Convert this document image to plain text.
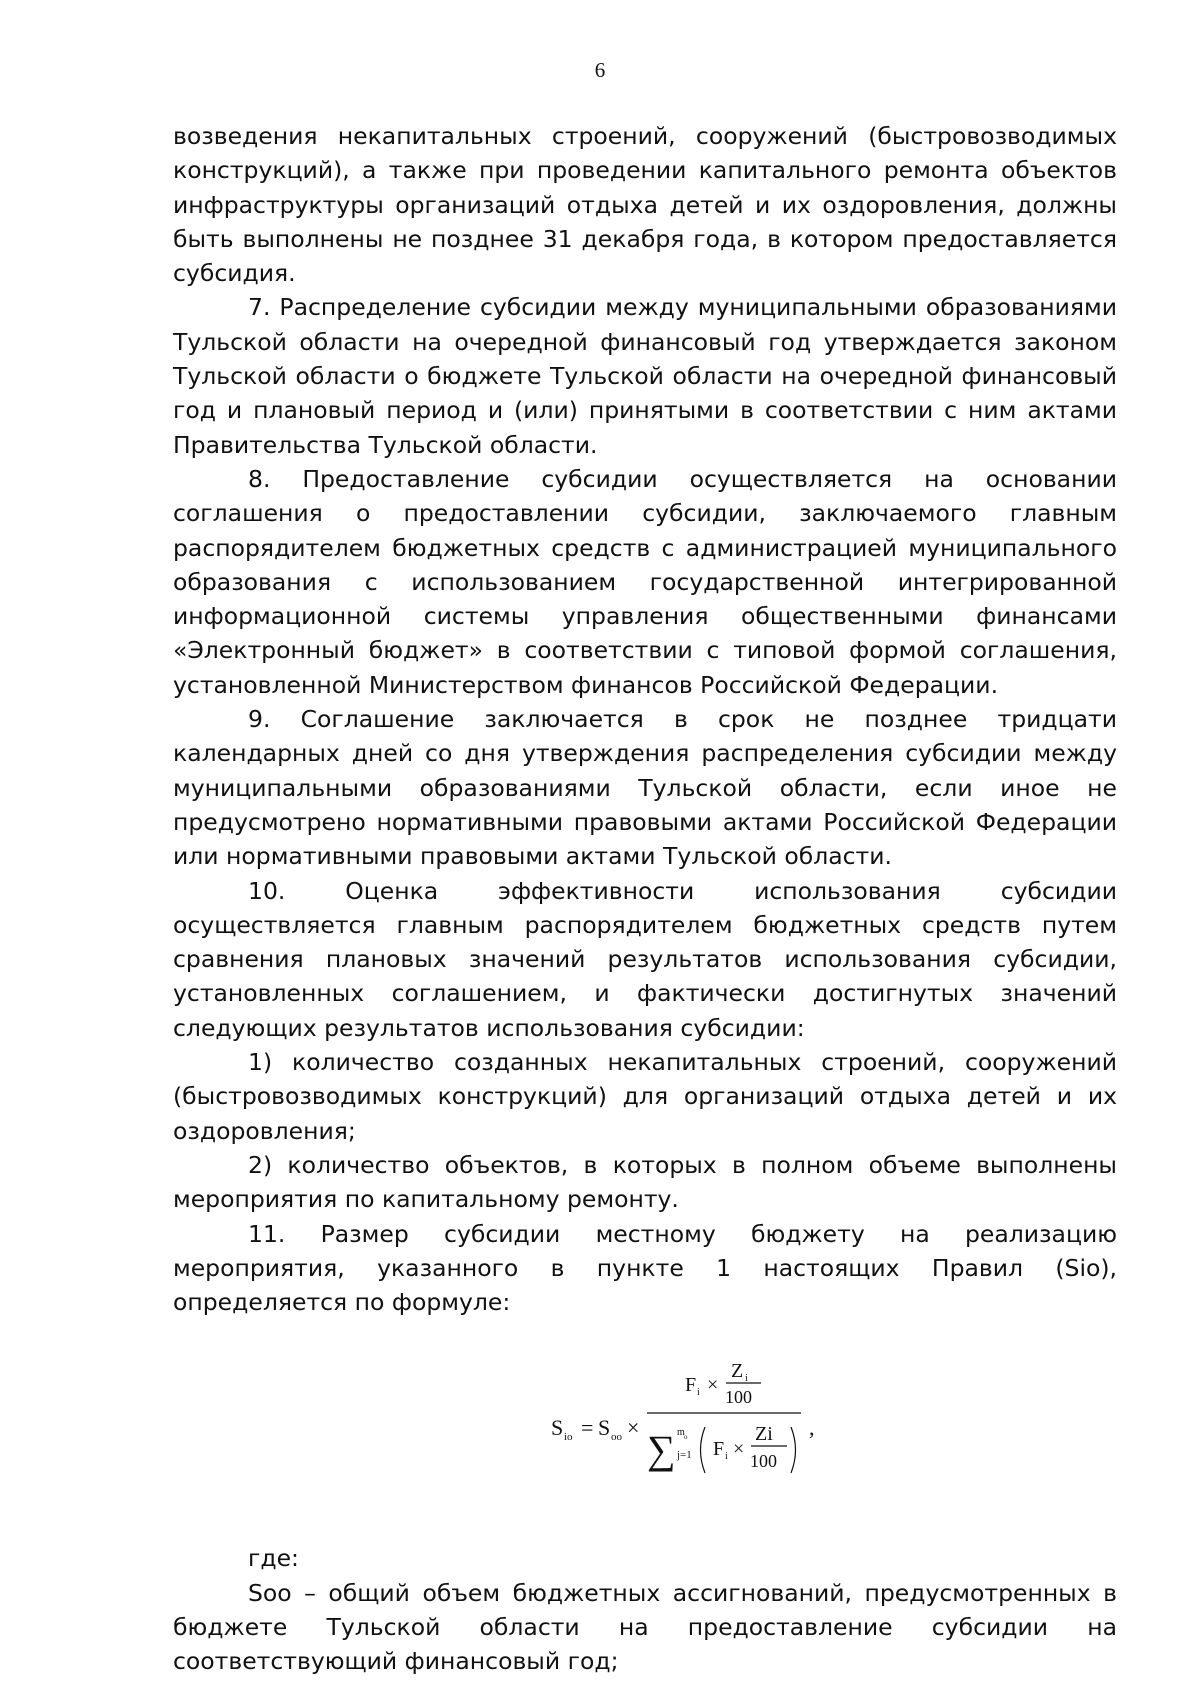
6

возведения некапитальных строений, сооружений (быстровозводимых конструкций), а также при проведении капитального ремонта объектов инфраструктуры организаций отдыха детей и их оздоровления, должны быть выполнены не позднее 31 декабря года, в котором предоставляется субсидия.

7. Распределение субсидии между муниципальными образованиями Тульской области на очередной финансовый год утверждается законом Тульской области о бюджете Тульской области на очередной финансовый год и плановый период и (или) принятыми в соответствии с ним актами Правительства Тульской области.

8. Предоставление субсидии осуществляется на основании соглашения о предоставлении субсидии, заключаемого главным распорядителем бюджетных средств с администрацией муниципального образования с использованием государственной интегрированной информационной системы управления общественными финансами «Электронный бюджет» в соответствии с типовой формой соглашения, установленной Министерством финансов Российской Федерации.

9. Соглашение заключается в срок не позднее тридцати календарных дней со дня утверждения распределения субсидии между муниципальными образованиями Тульской области, если иное не предусмотрено нормативными правовыми актами Российской Федерации или нормативными правовыми актами Тульской области.

10. Оценка эффективности использования субсидии осуществляется главным распорядителем бюджетных средств путем сравнения плановых значений результатов использования субсидии, установленных соглашением, и фактически достигнутых значений следующих результатов использования субсидии:

1) количество созданных некапитальных строений, сооружений (быстровозводимых конструкций) для организаций отдыха детей и их оздоровления;

2) количество объектов, в которых в полном объеме выполнены мероприятия по капитальному ремонту.

11. Размер субсидии местному бюджету на реализацию мероприятия, указанного в пункте 1 настоящих Правил (Sio), определяется по формуле:

S io = S oo ×
F i ×
Z i
100
∑ m o
j=1 F i ×
Zi
100
,

где:

Soo – общий объем бюджетных ассигнований, предусмотренных в бюджете Тульской области на предоставление субсидии на соответствующий финансовый год;
